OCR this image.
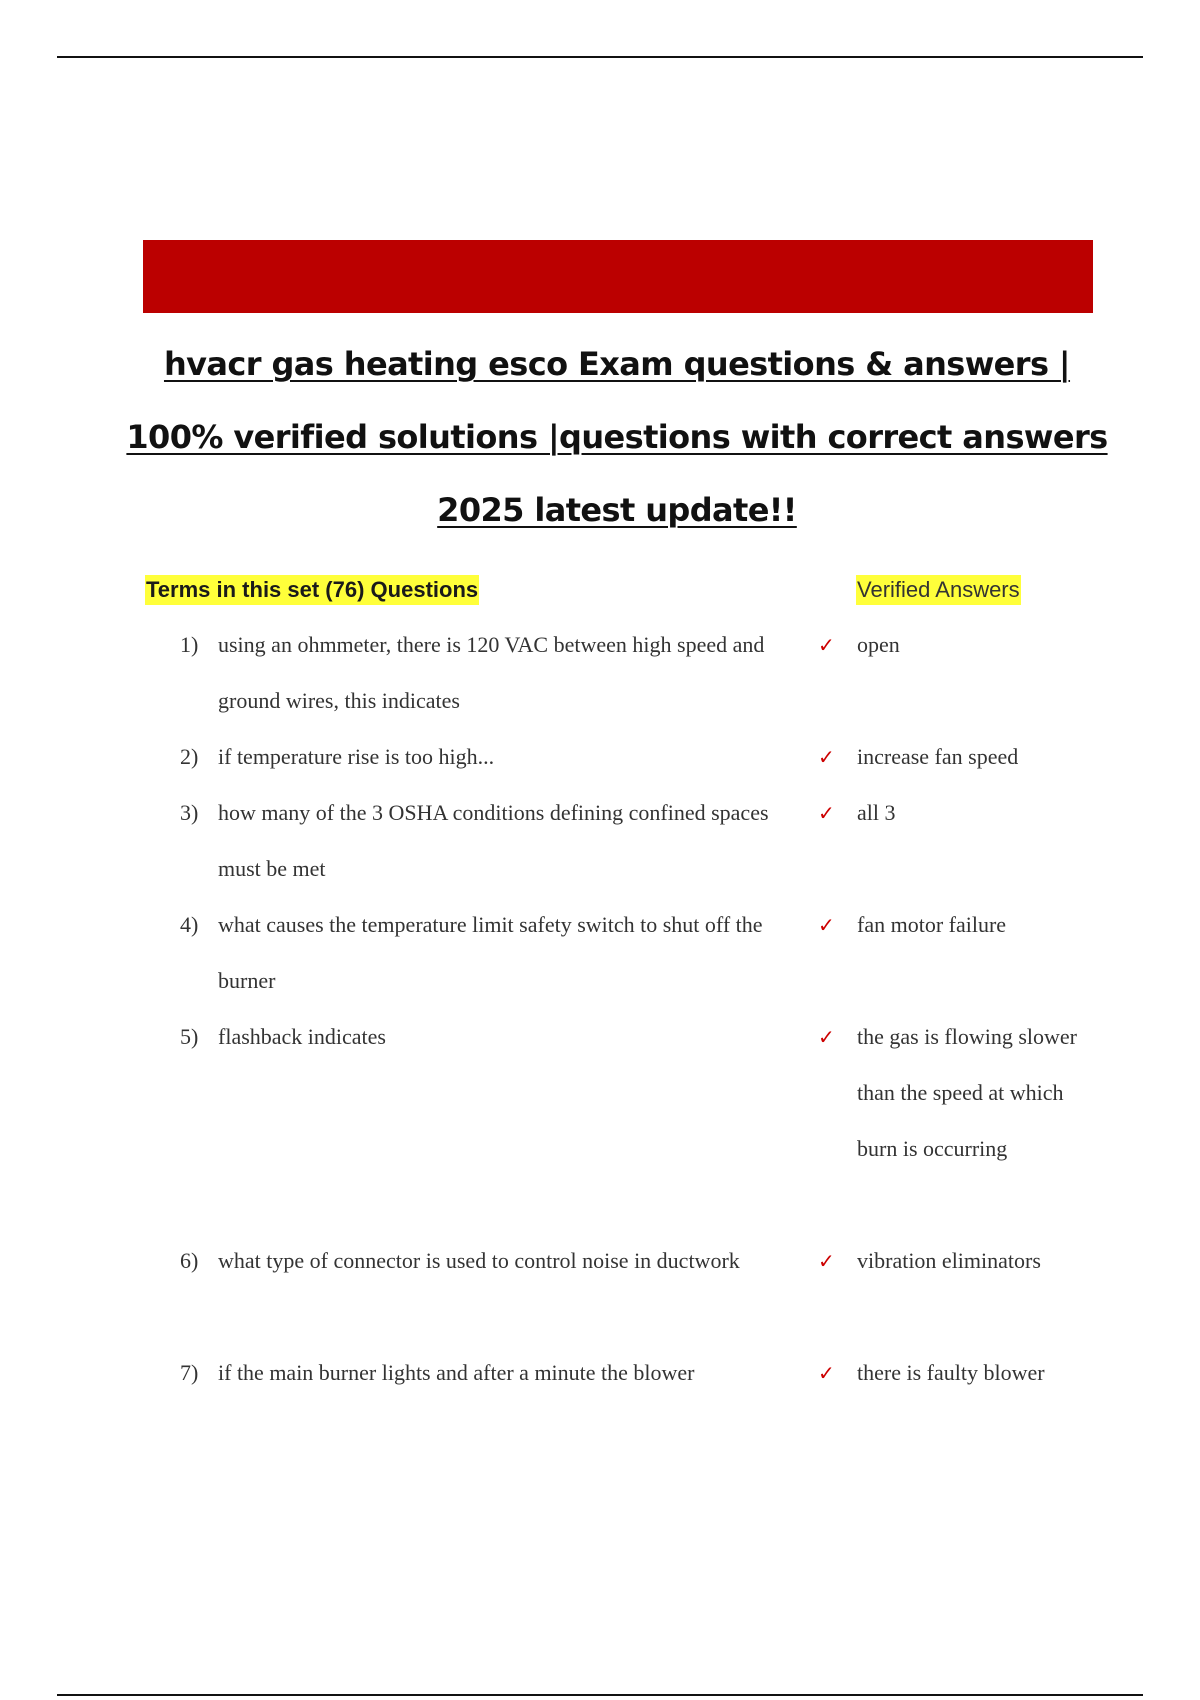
hvacr gas heating esco Exam questions & answers |
100% verified solutions |questions with correct answers
2025 latest update!!
Terms in this set (76) Questions	Verified Answers
1) using an ohmmeter, there is 120 VAC between high speed and ground wires, this indicates
✓ open
2) if temperature rise is too high...	✓ increase fan speed
3) how many of the 3 OSHA conditions defining confined spaces must be met
✓ all 3
4) what causes the temperature limit safety switch to shut off the burner
✓ fan motor failure
5) flashback indicates	✓ the gas is flowing slower than the speed at which burn is occurring
6) what type of connector is used to control noise in ductwork	✓ vibration eliminators
7) if the main burner lights and after a minute the blower	✓ there is faulty blower
